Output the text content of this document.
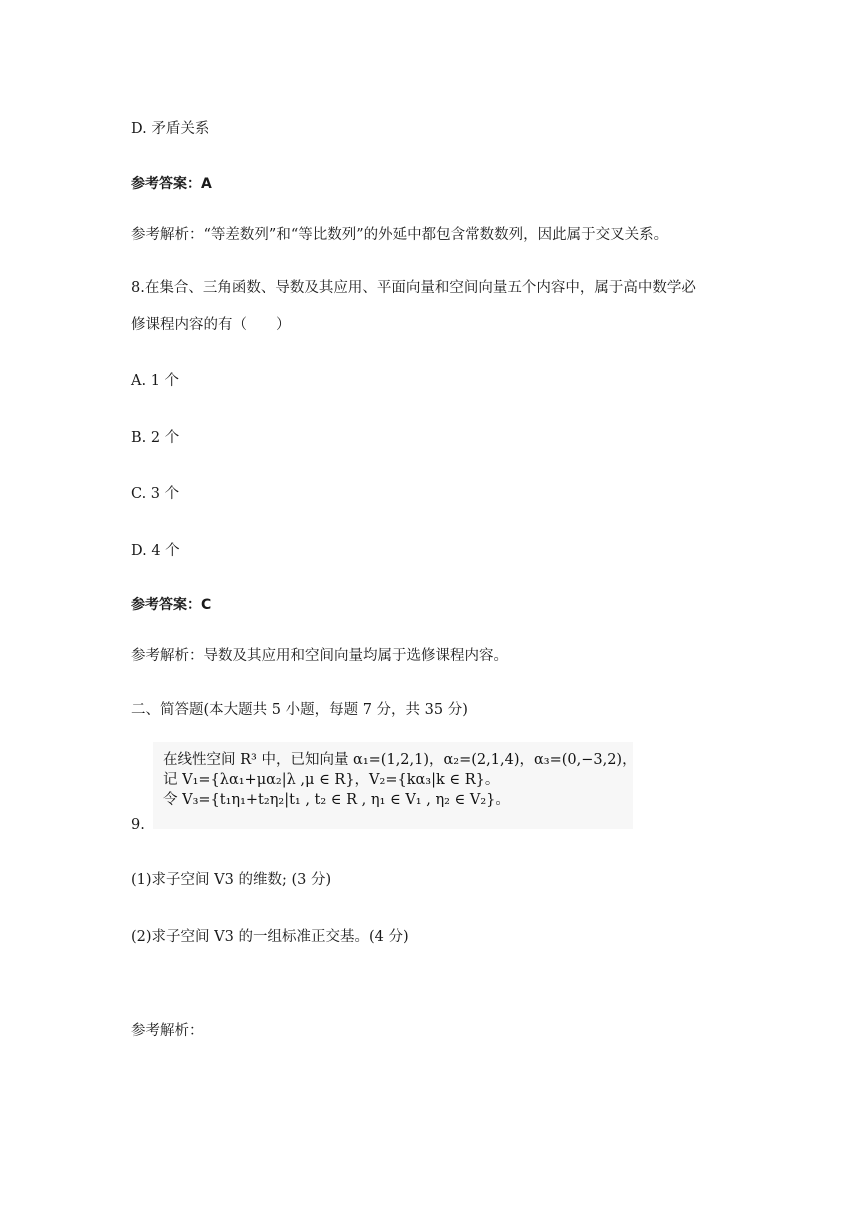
D. 矛盾关系
参考答案：A
参考解析：“等差数列”和“等比数列”的外延中都包含常数数列，因此属于交叉关系。
8.在集合、三角函数、导数及其应用、平面向量和空间向量五个内容中，属于高中数学必
修课程内容的有（　　）
A. 1 个
B. 2 个
C. 3 个
D. 4 个
参考答案：C
参考解析：导数及其应用和空间向量均属于选修课程内容。
二、简答题(本大题共 5 小题，每题 7 分，共 35 分)
9.
在线性空间 R³ 中，已知向量 α₁=(1,2,1)，α₂=(2,1,4)，α₃=(0,−3,2)，
记 V₁={λα₁+μα₂|λ ,μ ∈ R}，V₂={kα₃|k ∈ R}。
令 V₃={t₁η₁+t₂η₂|t₁ , t₂ ∈ R , η₁ ∈ V₁ , η₂ ∈ V₂}。
(1)求子空间 V3 的维数; (3 分)
(2)求子空间 V3 的一组标准正交基。(4 分)
参考解析：
